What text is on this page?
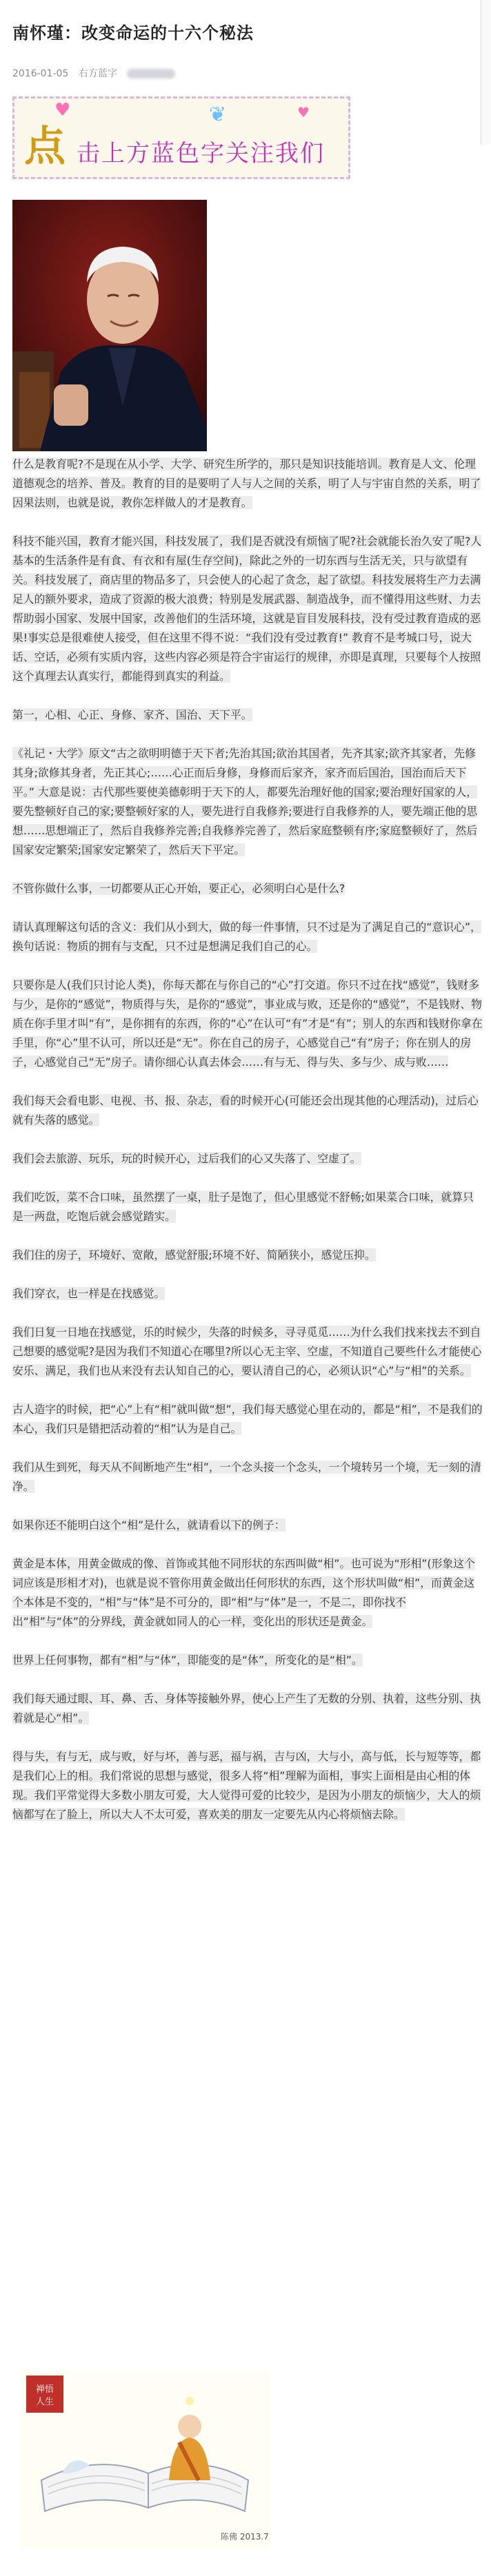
南怀瑾：改变命运的十六个秘法
2016-01-05 右方蓝字
点 击上方蓝色字关注我们
♥	♥
❦

什么是教育呢?不是现在从小学、大学、研究生所学的，那只是知识技能培训。教育是人文、伦理道德观念的培养、普及。教育的目的是要明了人与人之间的关系，明了人与宇宙自然的关系，明了因果法则，也就是说，教你怎样做人的才是教育。

科技不能兴国，教育才能兴国，科技发展了，我们是否就没有烦恼了呢?社会就能长治久安了呢?人基本的生活条件是有食、有衣和有屋(生存空间)，除此之外的一切东西与生活无关，只与欲望有关。科技发展了，商店里的物品多了，只会使人的心起了贪念，起了欲望。科技发展将生产力去满足人的额外要求，造成了资源的极大浪费；特别是发展武器、制造战争，而不懂得用这些财、力去帮助弱小国家、发展中国家，改善他们的生活环境，这就是盲目发展科技，没有受过教育造成的恶果!事实总是很难使人接受，但在这里不得不说：“我们没有受过教育!” 教育不是考城口号，说大话、空话，必须有实质内容，这些内容必须是符合宇宙运行的规律，亦即是真理，只要每个人按照这个真理去认真实行，都能得到真实的利益。

第一，心相、心正、身修、家齐、国治、天下平。

《礼记・大学》原文“古之欲明明德于天下者;先治其国;欲治其国者，先齐其家;欲齐其家者，先修其身;欲修其身者，先正其心;……心正而后身修，身修而后家齐，家齐而后国治，国治而后天下平。” 大意是说：古代那些要使美德彰明于天下的人，都要先治理好他的国家;要治理好国家的人，要先整顿好自己的家;要整顿好家的人，要先进行自我修养;要进行自我修养的人，要先端正他的思想……思想端正了，然后自我修养完善;自我修养完善了，然后家庭整顿有序;家庭整顿好了，然后国家安定繁荣;国家安定繁荣了，然后天下平定。

不管你做什么事，一切都要从正心开始，要正心，必须明白心是什么?

请认真理解这句话的含义：我们从小到大，做的每一件事情，只不过是为了满足自己的“意识心”，换句话说：物质的拥有与支配，只不过是想满足我们自己的心。

只要你是人(我们只讨论人类)，你每天都在与你自己的“心”打交道。你只不过在找“感觉”，钱财多与少，是你的“感觉”，物质得与失，是你的“感觉”，事业成与败，还是你的“感觉”，不是钱财、物质在你手里才叫“有”，是你拥有的东西，你的“心”在认可“有”才是“有”；别人的东西和钱财你拿在手里，你“心”里不认可，所以还是“无”。你在自己的房子，心感觉自己“有”房子；你在别人的房子，心感觉自己“无”房子。请你细心认真去体会……有与无、得与失、多与少、成与败……

我们每天会看电影、电视、书、报、杂志，看的时候开心(可能还会出现其他的心理活动)，过后心就有失落的感觉。

我们会去旅游、玩乐，玩的时候开心，过后我们的心又失落了、空虚了。

我们吃饭，菜不合口味，虽然摆了一桌，肚子是饱了，但心里感觉不舒畅;如果菜合口味，就算只是一两盘，吃饱后就会感觉踏实。

我们住的房子，环境好、宽敞，感觉舒服;环境不好、简陋狭小，感觉压抑。

我们穿衣，也一样是在找感觉。

我们日复一日地在找感觉，乐的时候少，失落的时候多，寻寻觅觅……为什么我们找来找去不到自己想要的感觉呢?是因为我们不知道心在哪里?所以心无主宰、空虚，不知道自己要些什么才能使心安乐、满足，我们也从来没有去认知自己的心，要认清自己的心，必须认识“心”与“相”的关系。

古人造字的时候，把“心”上有“相”就叫做“想”，我们每天感觉心里在动的，都是“相”，不是我们的本心，我们只是错把活动着的“相”认为是自己。

我们从生到死，每天从不间断地产生“相”，一个念头接一个念头，一个境转另一个境，无一刻的清净。

如果你还不能明白这个“相”是什么，就请看以下的例子：

黄金是本体，用黄金做成的像、首饰或其他不同形状的东西叫做“相”。也可说为“形相”(形象这个词应该是形相才对)，也就是说不管你用黄金做出任何形状的东西，这个形状叫做“相”，而黄金这个本体是不变的，“相”与“体”是不可分的，即“相”与“体”是一，不是二，即你找不出“相”与“体”的分界线，黄金就如同人的心一样，变化出的形状还是黄金。

世界上任何事物，都有“相”与“体”，即能变的是“体”，所变化的是“相”。

我们每天通过眼、耳、鼻、舌、身体等接触外界，使心上产生了无数的分别、执着，这些分别、执着就是心“相”。

得与失，有与无，成与败，好与坏，善与恶，福与祸，吉与凶，大与小，高与低，长与短等等，都是我们心上的相。我们常说的思想与感觉，很多人将“相”理解为面相，事实上面相是由心相的体现。我们平常觉得大多数小朋友可爱，大人觉得可爱的比较少，是因为小朋友的烦恼少，大人的烦恼都写在了脸上，所以大人不太可爱，喜欢美的朋友一定要先从内心将烦恼去除。

禅悟
人生
陈佛 2013.7
